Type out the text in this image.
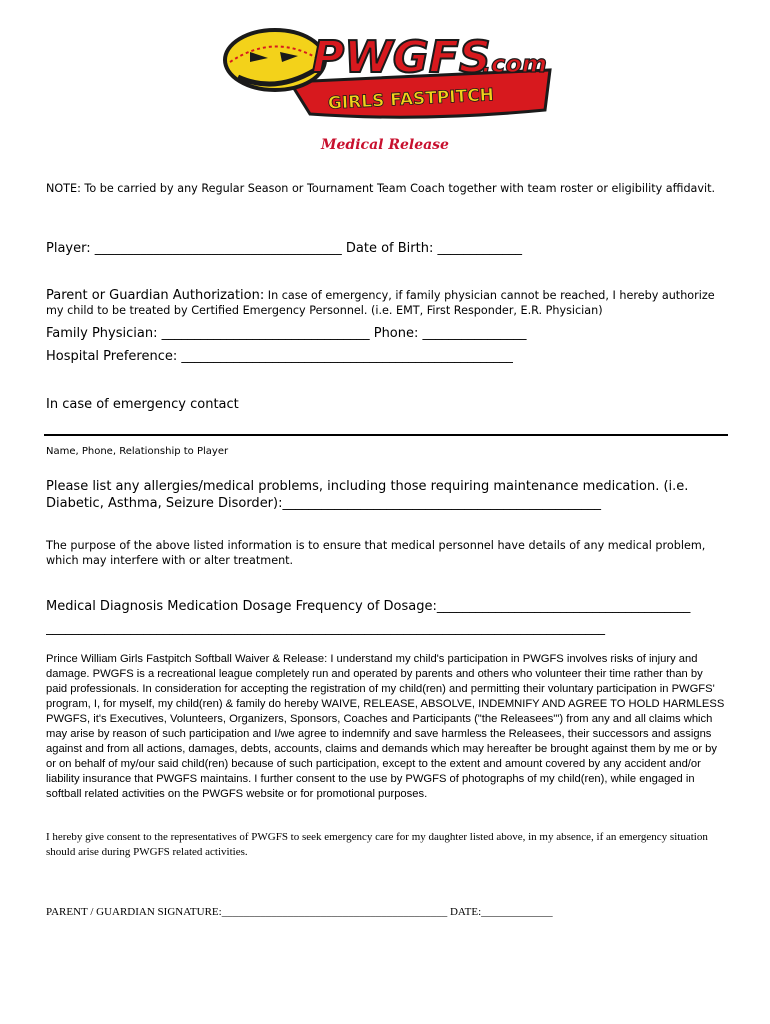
PWGFS
.com
GIRLS FASTPITCH
Medical Release
NOTE: To be carried by any Regular Season or Tournament Team Coach together with team roster or eligibility affidavit.
Player: ______________________________________ Date of Birth: _____________
Parent or Guardian Authorization: In case of emergency, if family physician cannot be reached, I hereby authorize my child to be treated by Certified Emergency Personnel. (i.e. EMT, First Responder, E.R. Physician)
Family Physician: ________________________________ Phone: ________________
Hospital Preference: ___________________________________________________
In case of emergency contact
Name, Phone, Relationship to Player
Please list any allergies/medical problems, including those requiring maintenance medication. (i.e. Diabetic, Asthma, Seizure Disorder):_________________________________________________
The purpose of the above listed information is to ensure that medical personnel have details of any medical problem, which may interfere with or alter treatment.
Medical Diagnosis Medication Dosage Frequency of Dosage:_______________________________________
______________________________________________________________________________________
Prince William Girls Fastpitch Softball Waiver & Release: I understand my child's participation in PWGFS involves risks of injury and damage. PWGFS is a recreational league completely run and operated by parents and others who volunteer their time rather than by paid professionals. In consideration for accepting the registration of my child(ren) and permitting their voluntary participation in PWGFS' program, I, for myself, my child(ren) & family do hereby WAIVE, RELEASE, ABSOLVE, INDEMNIFY AND AGREE TO HOLD HARMLESS PWGFS, it's Executives, Volunteers, Organizers, Sponsors, Coaches and Participants ("the Releasees'") from any and all claims which may arise by reason of such participation and I/we agree to indemnify and save harmless the Releasees, their successors and assigns against and from all actions, damages, debts, accounts, claims and demands which may hereafter be brought against them by me or by or on behalf of my/our said child(ren) because of such participation, except to the extent and amount covered by any accident and/or liability insurance that PWGFS maintains. I further consent to the use by PWGFS of photographs of my child(ren), while engaged in softball related activities on the PWGFS website or for promotional purposes.
I hereby give consent to the representatives of PWGFS to seek emergency care for my daughter listed above, in my absence, if an emergency situation should arise during PWGFS related activities.
PARENT / GUARDIAN SIGNATURE:_________________________________________ DATE:_____________
